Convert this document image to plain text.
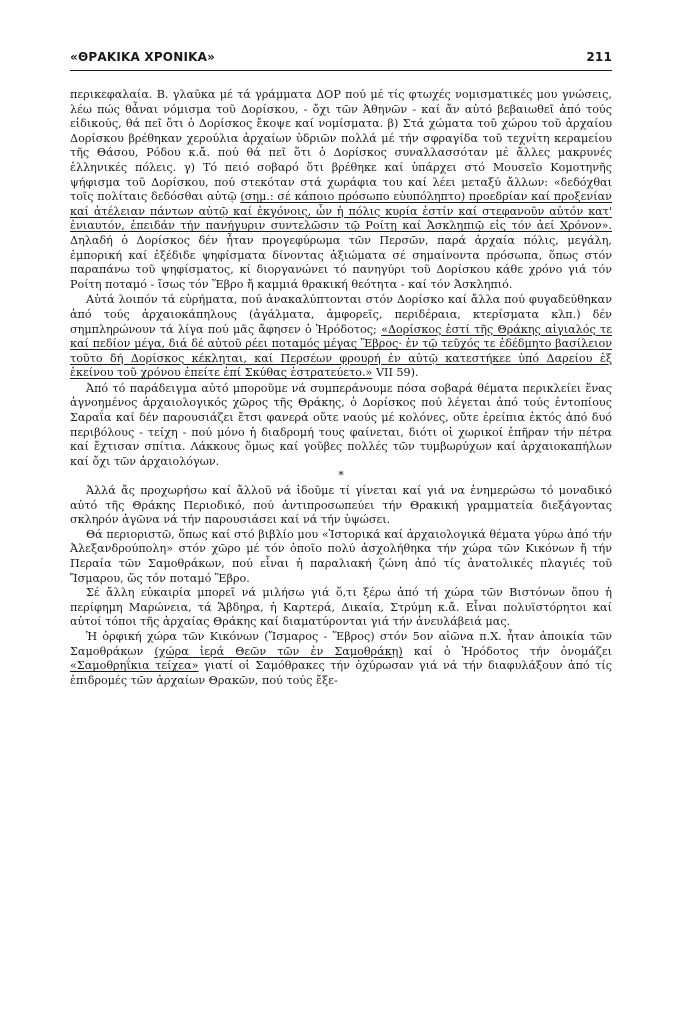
«ΘΡΑΚΙΚΑ ΧΡΟΝΙΚΑ»	211

περικεφαλαία. B. γλαῦκα μέ τά γράμματα ΔΟΡ πού μέ τίς φτωχές νομισματικές μου γνώσεις, λέω πώς θἆναι νόμισμα τοῦ Δορίσκου, - ὄχι τῶν Ἀθηνῶν - καί ἄν αὐτό βεβαιωθεῖ ἀπό τούς εἰδικούς, θά πεῖ ὅτι ὁ Δορίσκος ἔκοψε καί νομίσματα. β) Στά χώματα τοῦ χώρου τοῦ ἀρχαίου Δορίσκου βρέθηκαν χερούλια ἀρχαίων ὑδριῶν πολλά μέ τήν σφραγίδα τοῦ τεχνίτη κεραμείου τῆς Θάσου, Ρόδου κ.ἄ. πού θά πεῖ ὅτι ὁ Δορίσκος συναλλασσόταν μέ ἄλλες μακρυνές ἑλληνικές πόλεις. γ) Τό πειό σοβαρό ὅτι βρέθηκε καί ὑπάρχει στό Μουσεῖο Κομοτηνῆς ψήφισμα τοῦ Δορίσκου, πού στεκόταν στά χωράφια του καί λέει μεταξύ ἄλλων: «δεδόχθαι τοῖς πολίταις δεδόσθαι αὐτῷ (σημ.: σέ κάποιο πρόσωπο εὐυπόληπτο) προεδρίαν καί προξενίαν καί ἀτέλειαν πάντων αὐτῷ καί ἐκγόνοις, ὧν ἡ πόλις κυρία ἐστίν καί στεφανοῦν αὐτόν κατ' ἐνιαυτόν, ἐπειδάν τήν πανήγυριν συντελῶσιν τῷ Ροίτῃ καί Ἀσκληπιῷ εἰς τόν ἀεί Χρόνον». Δηλαδή ὁ Δορίσκος δέν ἦταν προγεφύρωμα τῶν Περσῶν, παρά ἀρχαία πόλις, μεγάλη, ἐμπορική καί ἐξέδιδε ψηφίσματα δίνοντας ἀξιώματα σέ σημαίνοντα πρόσωπα, ὅπως στόν παραπάνω τοῦ ψηφίσματος, κί διοργανώνει τό πανηγύρι τοῦ Δορίσκου κάθε χρόνο γιά τόν Ροίτη ποταμό - ἴσως τόν Ἕβρο ἤ καμμιά θρακική θεότητα - καί τόν Ἀσκληπιό.

Αὐτά λοιπόν τά εὑρήματα, πού ἀνακαλύπτονται στόν Δορίσκο καί ἄλλα πού φυγαδεύθηκαν ἀπό τούς ἀρχαιοκάπηλους (ἀγάλματα, ἀμφορεῖς, περιδέραια, κτερίσματα κλπ.) δέν σημπληρώνουν τά λίγα πού μᾶς ἄφησεν ὁ Ἡρόδοτος; «Δορίσκος ἐστί τῆς Θράκης αἰγιαλός τε καί πεδίον μέγα, διά δέ αὐτοῦ ρέει ποταμός μέγας Ἕβρος· ἐν τῷ τεῦχός τε ἐδέδμητο βασίλειον τοῦτο δή Δορίσκος κέκληται, καί Περσέων φρουρή ἐν αὐτῷ κατεστήκεε ὑπό Δαρείου ἐξ ἐκείνου τοῦ χρόνου ἐπείτε ἐπί Σκύθας ἐστρατεύετο.» VII 59).

Ἀπό τό παράδειγμα αὐτό μποροῦμε νά συμπεράνουμε πόσα σοβαρά θέματα περικλείει ἕνας ἀγνοημένος ἀρχαιολογικός χῶρος τῆς Θράκης, ὁ Δορίσκος πού λέγεται ἀπό τούς ἐντοπίους Σαραΐα καί δέν παρουσιάζει ἔτσι φανερά οὔτε ναούς μέ κολόνες, οὔτε ἐρείπια ἐκτός ἀπό δυό περιβόλους - τείχη - πού μόνο ἡ διαδρομή τους φαίνεται, διότι οἱ χωρικοί ἐπῆραν τήν πέτρα καί ἔχτισαν σπίτια. Λάκκους ὅμως καί γοῦβες πολλές τῶν τυμβωρύχων καί ἀρχαιοκαπήλων καί ὄχι τῶν ἀρχαιολόγων.

*

Ἀλλά ἄς προχωρήσω καί ἄλλοῦ νά ἰδοῦμε τί γίνεται καί γιά να ἐνημερώσω τό μοναδικό αὐτό τῆς Θράκης Περιοδικό, πού ἀντιπροσωπεύει τήν Θρακική γραμματεία διεξάγοντας σκληρόν ἀγῶνα νά τήν παρουσιάσει καί νά τήν ὑψώσει.

Θά περιοριστῶ, ὅπως καί στό βιβλίο μου «Ἱστορικά καί ἀρχαιολογικά θέματα γύρω ἀπό τήν Ἀλεξανδρούπολη» στόν χῶρο μέ τόν ὁποῖο πολύ ἀσχολήθηκα τήν χώρα τῶν Κικόνων ἤ τήν Περαία τῶν Σαμοθράκων, πού εἶναι ἡ παραλιακή ζώνη ἀπό τίς ἀνατολικές πλαγιές τοῦ Ἴσμαρου, ὥς τόν ποταμό Ἕβρο.

Σέ ἄλλη εὐκαιρία μπορεῖ νά μιλήσω γιά ὅ,τι ξέρω ἀπό τή χώρα τῶν Βιστόνων ὅπου ἡ περίφημη Μαρώνεια, τά Ἄβδηρα, ἡ Καρτερά, Δικαία, Στρύμη κ.ἄ. Εἶναι πολυϊστόρητοι καί αὐτοί τόποι τῆς ἀρχαίας Θράκης καί διαματύρονται γιά τήν ἀνευλάβειά μας.

Ἡ ὀρφική χώρα τῶν Κικόνων (Ἴσμαρος - Ἕβρος) στόν 5ον αἰῶνα π.Χ. ἦταν ἀποικία τῶν Σαμοθράκων (χώρα ἱερά Θεῶν τῶν ἐν Σαμοθράκῃ) καί ὁ Ἡρόδοτος τήν ὀνομάζει «Σαμοθρηΐκια τείχεα» γιατί οἱ Σαμόθρακες τήν ὀχύρωσαν γιά νά τήν διαφυλάξουν ἀπό τίς ἐπιδρομές τῶν ἀρχαίων Θρακῶν, πού τούς ἔξε-
